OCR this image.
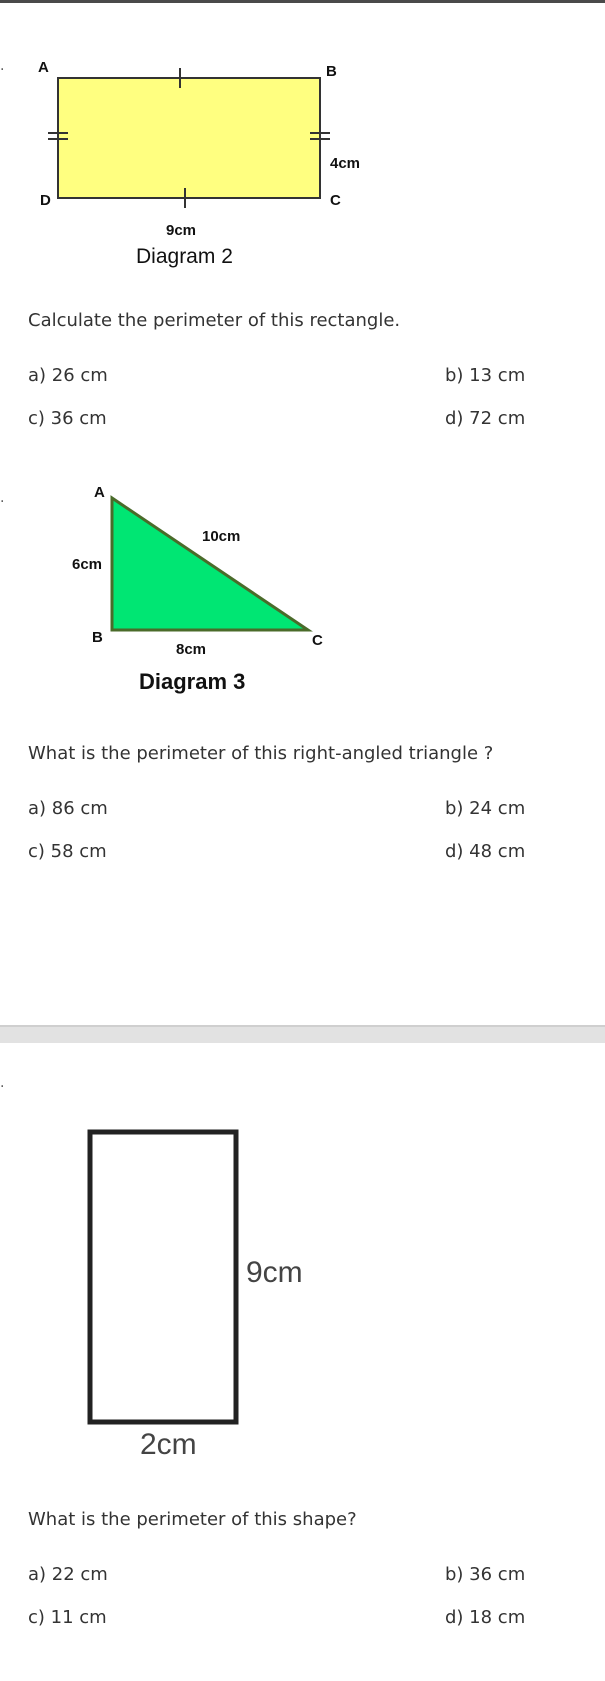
. A	B
C
D
4cm
9cm
Diagram 2
Calculate the perimeter of this rectangle.
a) 26 cm	b) 13 cm
c) 36 cm	d) 72 cm
.	A
B	C
10cm
6cm
8cm
Diagram 3
What is the perimeter of this right-angled triangle ?
a) 86 cm	b) 24 cm
c) 58 cm	d) 48 cm
.
9cm
2cm
What is the perimeter of this shape?
a) 22 cm	b) 36 cm
c) 11 cm	d) 18 cm
